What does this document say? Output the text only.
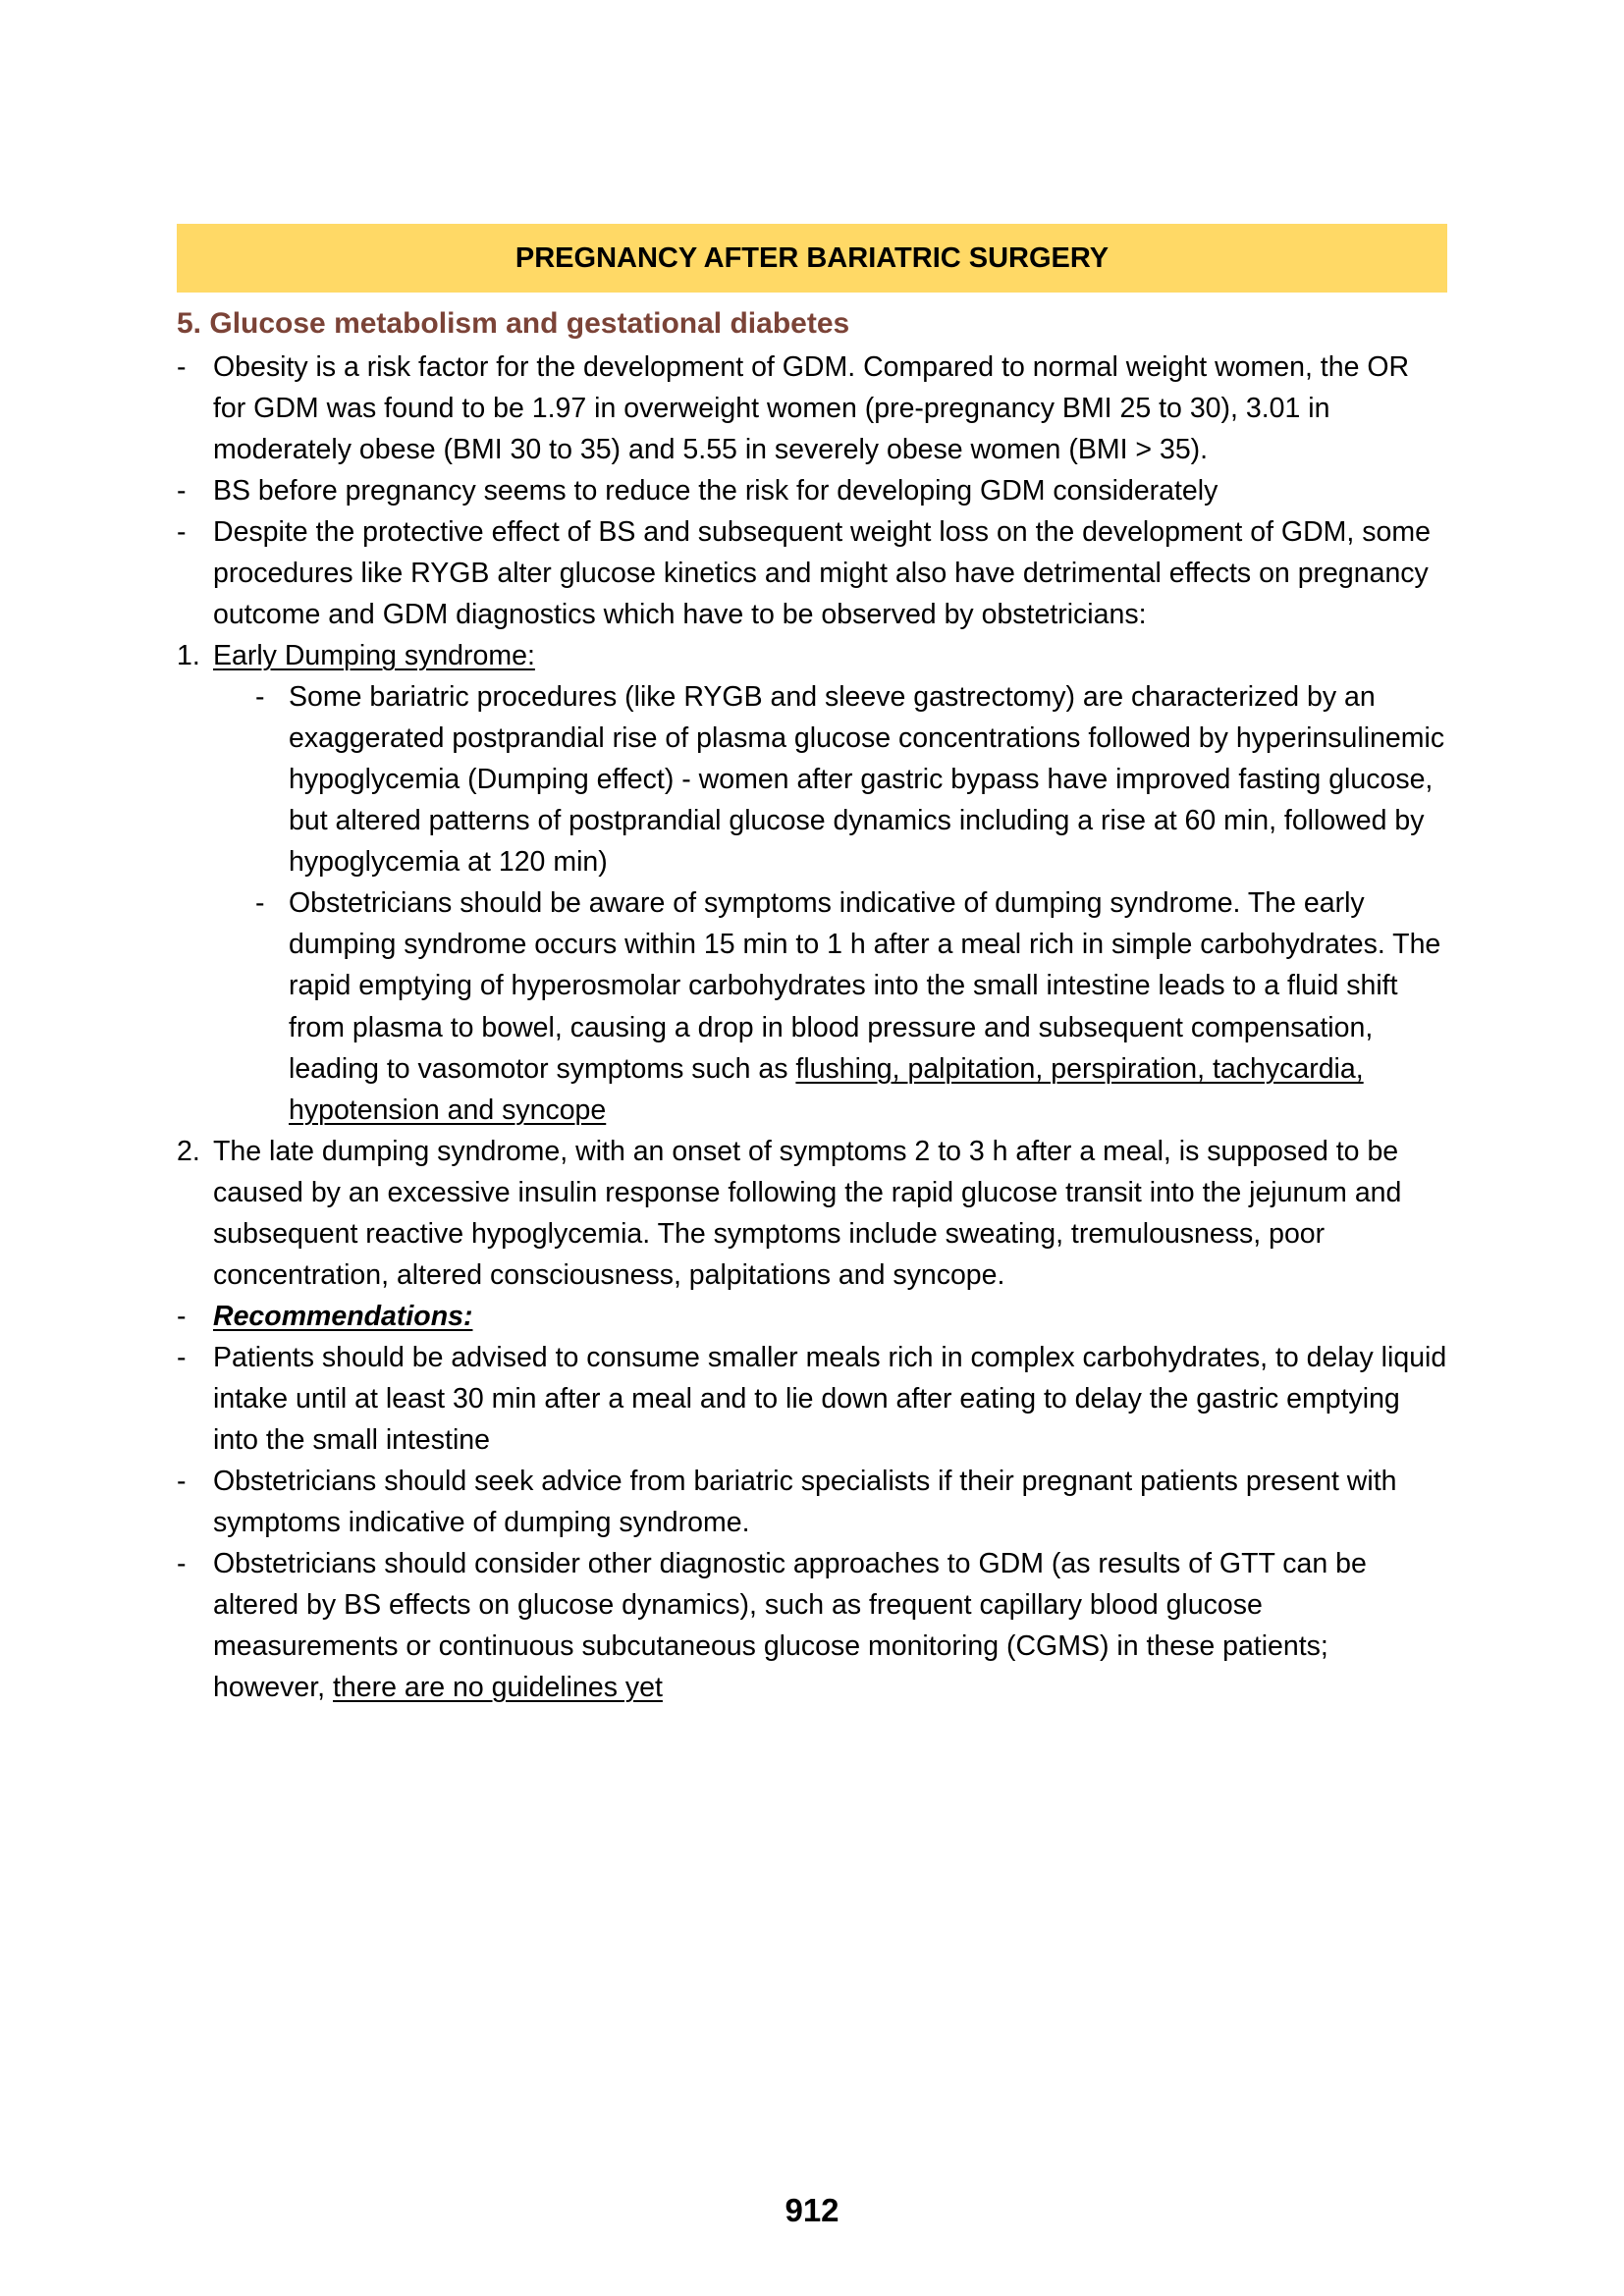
PREGNANCY AFTER BARIATRIC SURGERY
5. Glucose metabolism and gestational diabetes
- Obesity is a risk factor for the development of GDM. Compared to normal weight women, the OR for GDM was found to be 1.97 in overweight women (pre-pregnancy BMI 25 to 30), 3.01 in moderately obese (BMI 30 to 35) and 5.55 in severely obese women (BMI > 35).
- BS before pregnancy seems to reduce the risk for developing GDM considerately
- Despite the protective effect of BS and subsequent weight loss on the development of GDM, some procedures like RYGB alter glucose kinetics and might also have detrimental effects on pregnancy outcome and GDM diagnostics which have to be observed by obstetricians:
1. Early Dumping syndrome:
- Some bariatric procedures (like RYGB and sleeve gastrectomy) are characterized by an exaggerated postprandial rise of plasma glucose concentrations followed by hyperinsulinemic hypoglycemia (Dumping effect) - women after gastric bypass have improved fasting glucose, but altered patterns of postprandial glucose dynamics including a rise at 60 min, followed by hypoglycemia at 120 min)
- Obstetricians should be aware of symptoms indicative of dumping syndrome. The early dumping syndrome occurs within 15 min to 1 h after a meal rich in simple carbohydrates. The rapid emptying of hyperosmolar carbohydrates into the small intestine leads to a fluid shift from plasma to bowel, causing a drop in blood pressure and subsequent compensation, leading to vasomotor symptoms such as flushing, palpitation, perspiration, tachycardia, hypotension and syncope
2. The late dumping syndrome, with an onset of symptoms 2 to 3 h after a meal, is supposed to be caused by an excessive insulin response following the rapid glucose transit into the jejunum and subsequent reactive hypoglycemia. The symptoms include sweating, tremulousness, poor concentration, altered consciousness, palpitations and syncope.
- Recommendations:
- Patients should be advised to consume smaller meals rich in complex carbohydrates, to delay liquid intake until at least 30 min after a meal and to lie down after eating to delay the gastric emptying into the small intestine
- Obstetricians should seek advice from bariatric specialists if their pregnant patients present with symptoms indicative of dumping syndrome.
- Obstetricians should consider other diagnostic approaches to GDM (as results of GTT can be altered by BS effects on glucose dynamics), such as frequent capillary blood glucose measurements or continuous subcutaneous glucose monitoring (CGMS) in these patients; however, there are no guidelines yet
912
